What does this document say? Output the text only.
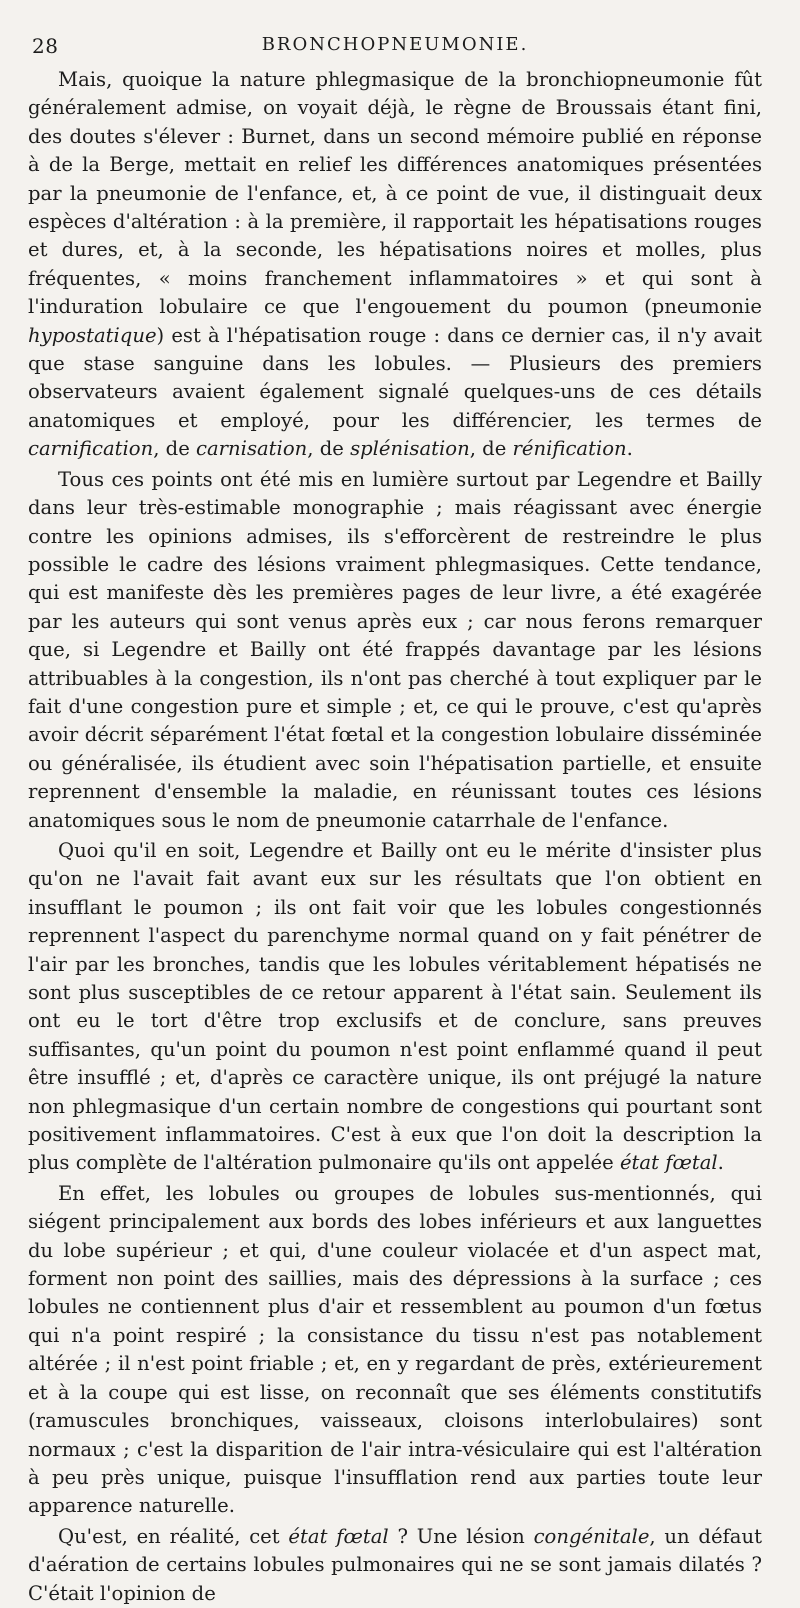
28	BRONCHOPNEUMONIE.

Mais, quoique la nature phlegmasique de la bronchiopneumonie fût généralement admise, on voyait déjà, le règne de Broussais étant fini, des doutes s'élever : Burnet, dans un second mémoire publié en réponse à de la Berge, mettait en relief les différences anatomiques présentées par la pneumonie de l'enfance, et, à ce point de vue, il distinguait deux espèces d'altération : à la première, il rapportait les hépatisations rouges et dures, et, à la seconde, les hépatisations noires et molles, plus fréquentes, « moins franchement inflammatoires » et qui sont à l'induration lobulaire ce que l'engouement du poumon (pneumonie hypostatique) est à l'hépatisation rouge : dans ce dernier cas, il n'y avait que stase sanguine dans les lobules. — Plusieurs des premiers observateurs avaient également signalé quelques-uns de ces détails anatomiques et employé, pour les différencier, les termes de carnification, de carnisation, de splénisation, de rénification.

Tous ces points ont été mis en lumière surtout par Legendre et Bailly dans leur très-estimable monographie ; mais réagissant avec énergie contre les opinions admises, ils s'efforcèrent de restreindre le plus possible le cadre des lésions vraiment phlegmasiques. Cette tendance, qui est manifeste dès les premières pages de leur livre, a été exagérée par les auteurs qui sont venus après eux ; car nous ferons remarquer que, si Legendre et Bailly ont été frappés davantage par les lésions attribuables à la congestion, ils n'ont pas cherché à tout expliquer par le fait d'une congestion pure et simple ; et, ce qui le prouve, c'est qu'après avoir décrit séparément l'état fœtal et la congestion lobulaire disséminée ou généralisée, ils étudient avec soin l'hépatisation partielle, et ensuite reprennent d'ensemble la maladie, en réunissant toutes ces lésions anatomiques sous le nom de pneumonie catarrhale de l'enfance.

Quoi qu'il en soit, Legendre et Bailly ont eu le mérite d'insister plus qu'on ne l'avait fait avant eux sur les résultats que l'on obtient en insufflant le poumon ; ils ont fait voir que les lobules congestionnés reprennent l'aspect du parenchyme normal quand on y fait pénétrer de l'air par les bronches, tandis que les lobules véritablement hépatisés ne sont plus susceptibles de ce retour apparent à l'état sain. Seulement ils ont eu le tort d'être trop exclusifs et de conclure, sans preuves suffisantes, qu'un point du poumon n'est point enflammé quand il peut être insufflé ; et, d'après ce caractère unique, ils ont préjugé la nature non phlegmasique d'un certain nombre de congestions qui pourtant sont positivement inflammatoires. C'est à eux que l'on doit la description la plus complète de l'altération pulmonaire qu'ils ont appelée état fœtal.

En effet, les lobules ou groupes de lobules sus-mentionnés, qui siégent principalement aux bords des lobes inférieurs et aux languettes du lobe supérieur ; et qui, d'une couleur violacée et d'un aspect mat, forment non point des saillies, mais des dépressions à la surface ; ces lobules ne contiennent plus d'air et ressemblent au poumon d'un fœtus qui n'a point respiré ; la consistance du tissu n'est pas notablement altérée ; il n'est point friable ; et, en y regardant de près, extérieurement et à la coupe qui est lisse, on reconnaît que ses éléments constitutifs (ramuscules bronchiques, vaisseaux, cloisons interlobulaires) sont normaux ; c'est la disparition de l'air intra-vésiculaire qui est l'altération à peu près unique, puisque l'insufflation rend aux parties toute leur apparence naturelle.

Qu'est, en réalité, cet état fœtal ? Une lésion congénitale, un défaut d'aération de certains lobules pulmonaires qui ne se sont jamais dilatés ? C'était l'opinion de
